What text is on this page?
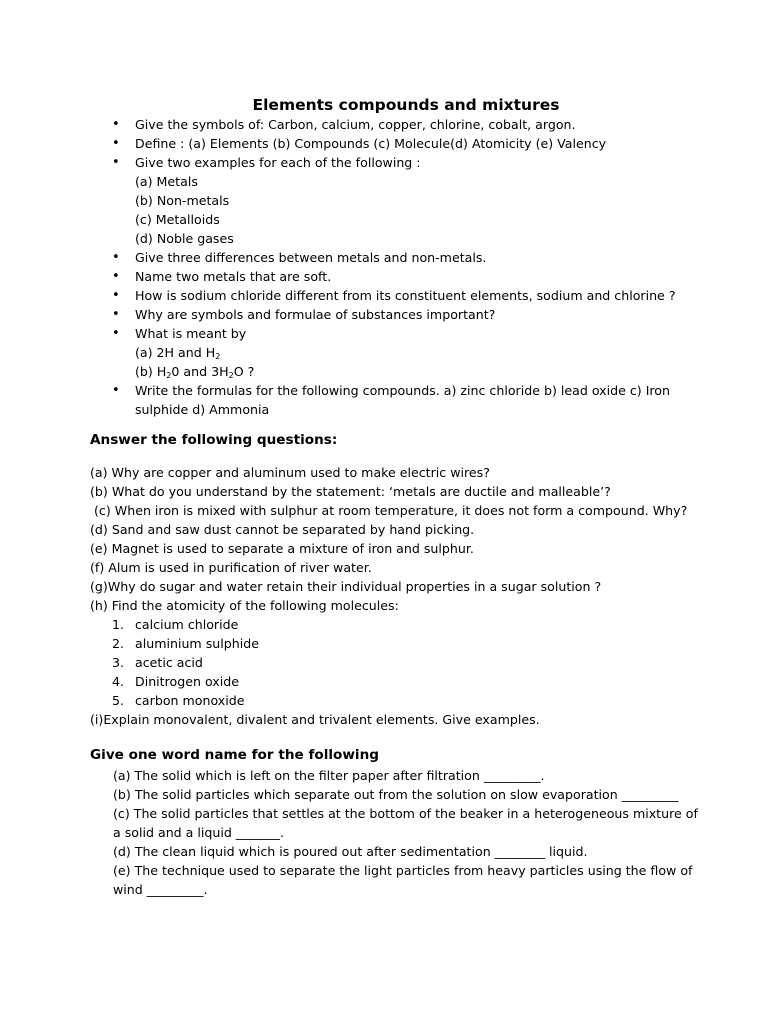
Elements compounds and mixtures
• Give the symbols of: Carbon, calcium, copper, chlorine, cobalt, argon.
• Define : (a) Elements (b) Compounds (c) Molecule(d) Atomicity (e) Valency
• Give two examples for each of the following :
(a) Metals
(b) Non-metals
(c) Metalloids
(d) Noble gases
• Give three differences between metals and non-metals.
• Name two metals that are soft.
• How is sodium chloride different from its constituent elements, sodium and chlorine ?
• Why are symbols and formulae of substances important?
• What is meant by
(a) 2H and $H_2$
(b) $H_20$ and $3H_2O$ ?
• Write the formulas for the following compounds. a) zinc chloride b) lead oxide c) Iron
sulphide d) Ammonia
Answer the following questions:
(a) Why are copper and aluminum used to make electric wires?
(b) What do you understand by the statement: ‘metals are ductile and malleable’?
(c) When iron is mixed with sulphur at room temperature, it does not form a compound. Why?
(d) Sand and saw dust cannot be separated by hand picking.
(e) Magnet is used to separate a mixture of iron and sulphur.
(f) Alum is used in purification of river water.
(g)Why do sugar and water retain their individual properties in a sugar solution ?
(h) Find the atomicity of the following molecules:
1. calcium chloride
2. aluminium sulphide
3. acetic acid
4. Dinitrogen oxide
5. carbon monoxide
(i)Explain monovalent, divalent and trivalent elements. Give examples.
Give one word name for the following
(a) The solid which is left on the filter paper after filtration _________.
(b) The solid particles which separate out from the solution on slow evaporation _________
(c) The solid particles that settles at the bottom of the beaker in a heterogeneous mixture of
a solid and a liquid _______.
(d) The clean liquid which is poured out after sedimentation ________ liquid.
(e) The technique used to separate the light particles from heavy particles using the flow of
wind _________.
